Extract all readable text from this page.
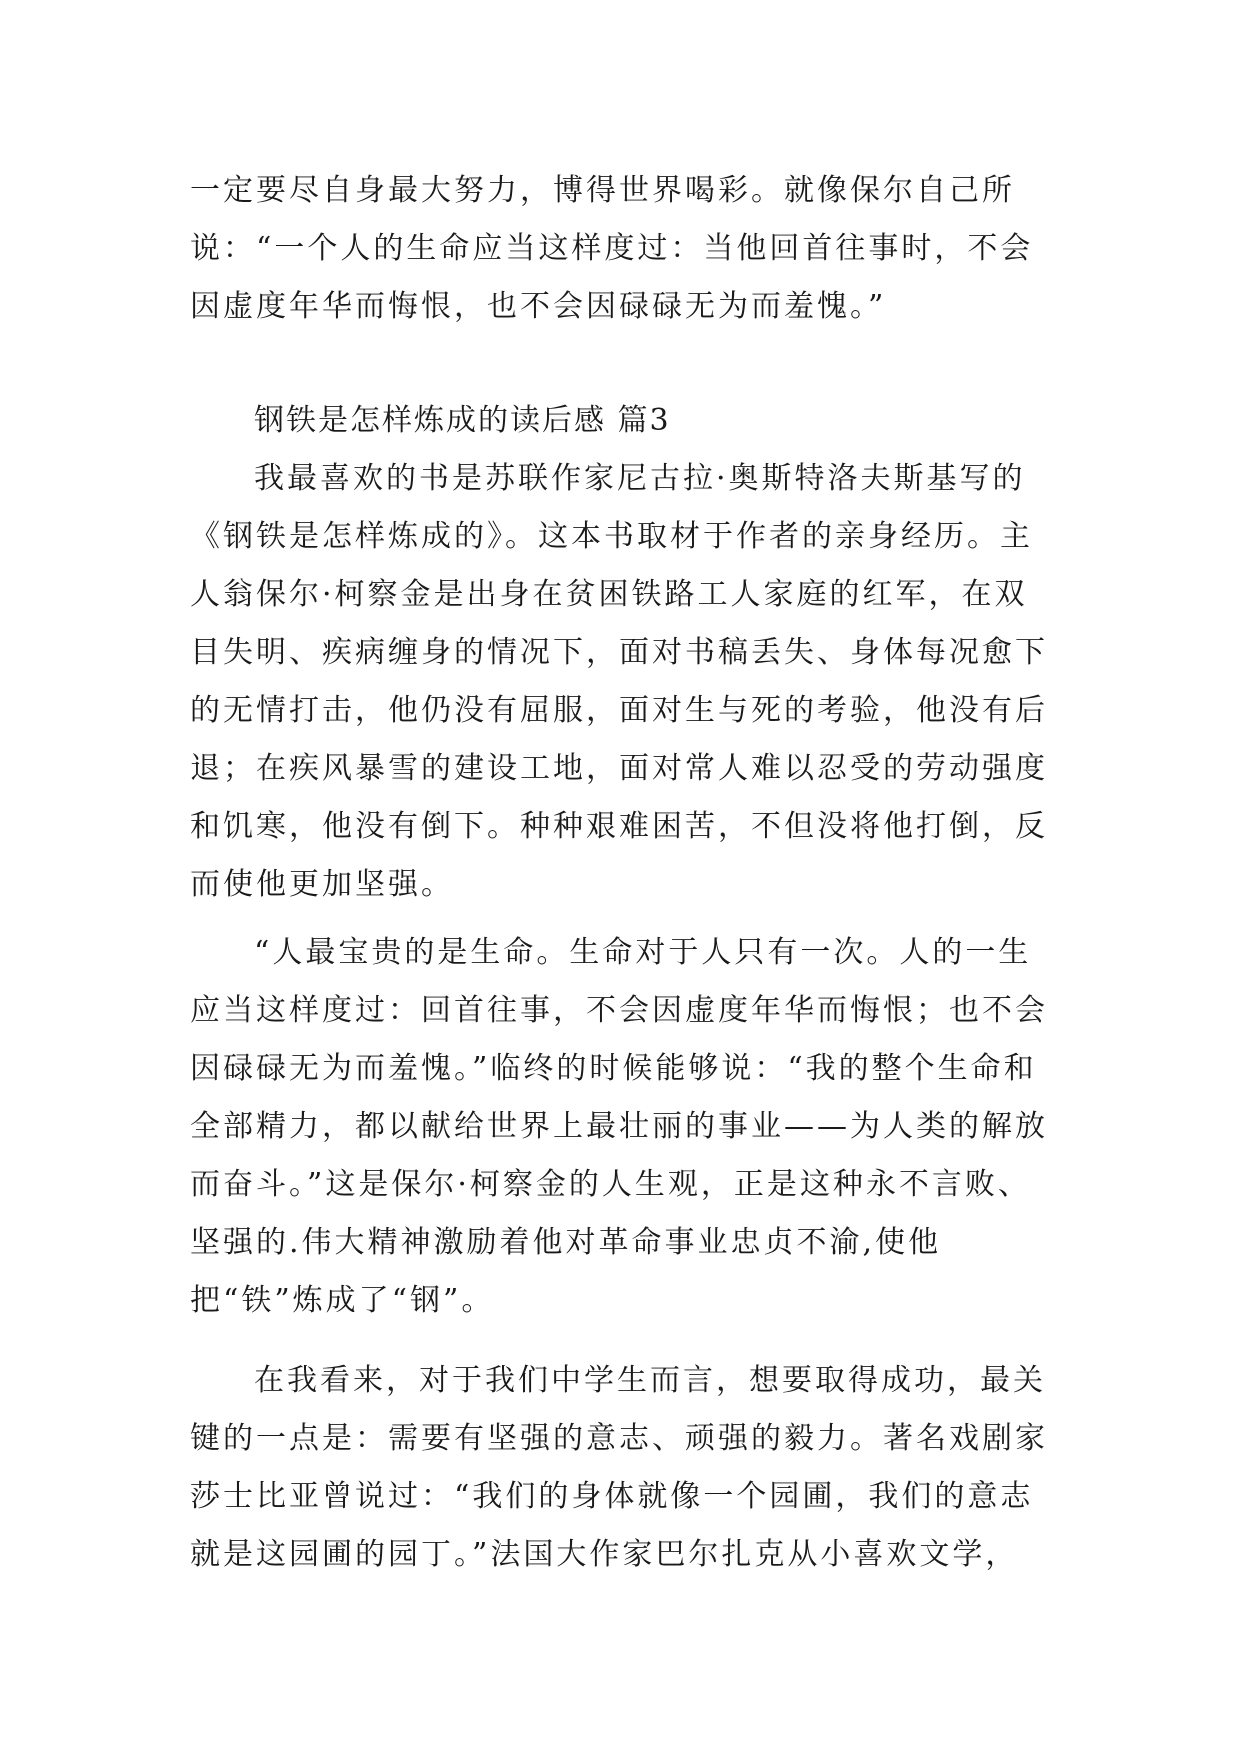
一定要尽自身最大努力，博得世界喝彩。就像保尔自己所说：“一个人的生命应当这样度过：当他回首往事时，不会因虚度年华而悔恨，也不会因碌碌无为而羞愧。”

钢铁是怎样炼成的读后感 篇3

我最喜欢的书是苏联作家尼古拉·奥斯特洛夫斯基写的《钢铁是怎样炼成的》。这本书取材于作者的亲身经历。主人翁保尔·柯察金是出身在贫困铁路工人家庭的红军，在双目失明、疾病缠身的情况下，面对书稿丢失、身体每况愈下的无情打击，他仍没有屈服，面对生与死的考验，他没有后退；在疾风暴雪的建设工地，面对常人难以忍受的劳动强度和饥寒，他没有倒下。种种艰难困苦，不但没将他打倒，反而使他更加坚强。

“人最宝贵的是生命。生命对于人只有一次。人的一生应当这样度过：回首往事，不会因虚度年华而悔恨；也不会因碌碌无为而羞愧。”临终的时候能够说：“我的整个生命和全部精力，都以献给世界上最壮丽的事业——为人类的解放而奋斗。”这是保尔·柯察金的人生观，正是这种永不言败、坚强的.伟大精神激励着他对革命事业忠贞不渝,使他把“铁”炼成了“钢”。

在我看来，对于我们中学生而言，想要取得成功，最关键的一点是：需要有坚强的意志、顽强的毅力。著名戏剧家莎士比亚曾说过：“我们的身体就像一个园圃，我们的意志就是这园圃的园丁。”法国大作家巴尔扎克从小喜欢文学，
